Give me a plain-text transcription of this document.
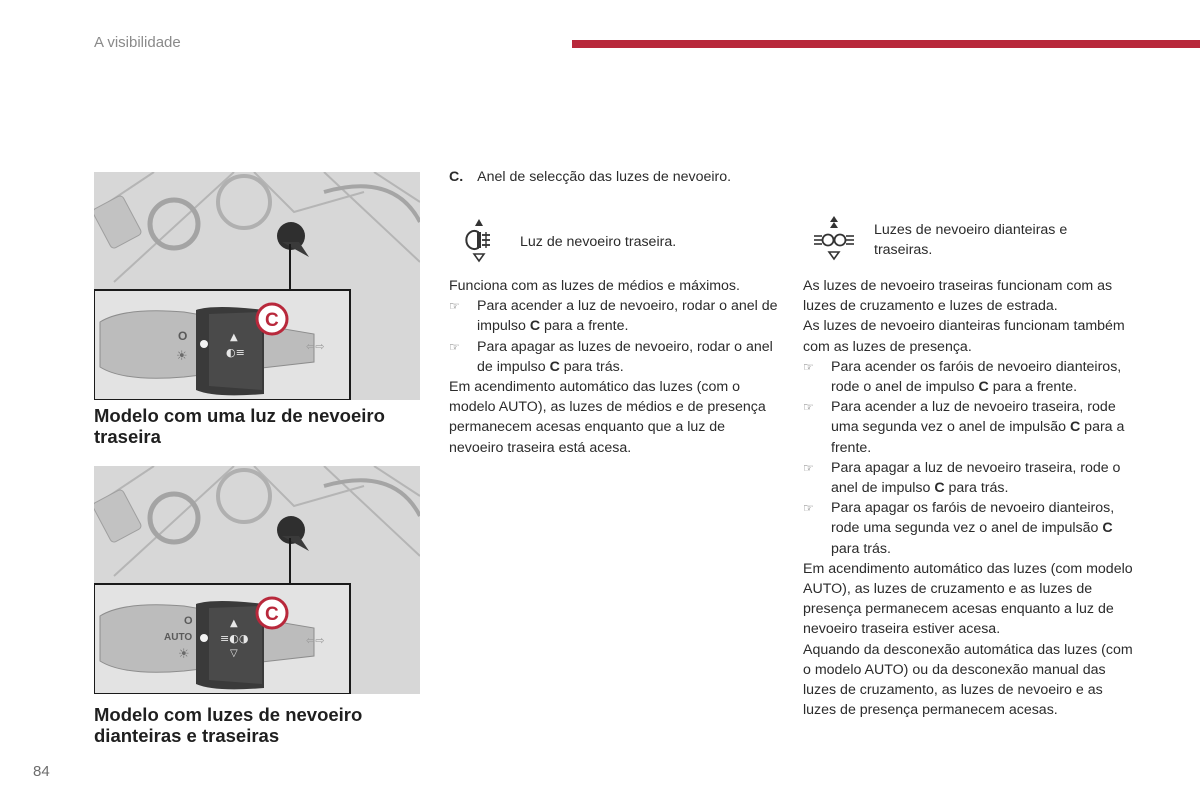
A visibilidade
▲
◐≡	⇦⇨
C
O
☀
Modelo com uma luz de nevoeiro traseira
▲
≡◐◑
▽
⇦⇨
C
O
AUTO
☀
Modelo com luzes de nevoeiro dianteiras e traseiras
C. Anel de selecção das luzes de nevoeiro.
Luz de nevoeiro traseira.
Luzes de nevoeiro dianteiras e traseiras.

Funciona com as luzes de médios e máximos.

☞	Para acender a luz de nevoeiro, rodar o anel de impulso C para a frente.

☞	Para apagar as luzes de nevoeiro, rodar o anel de impulso C para trás.

Em acendimento automático das luzes (com o modelo AUTO), as luzes de médios e de presença permanecem acesas enquanto que a luz de nevoeiro traseira está acesa.

As luzes de nevoeiro traseiras funcionam com as luzes de cruzamento e luzes de estrada.

As luzes de nevoeiro dianteiras funcionam também com as luzes de presença.

☞	Para acender os faróis de nevoeiro dianteiros, rode o anel de impulso C para a frente.

☞	Para acender a luz de nevoeiro traseira, rode uma segunda vez o anel de impulsão C para a frente.

☞	Para apagar a luz de nevoeiro traseira, rode o anel de impulso C para trás.

☞	Para apagar os faróis de nevoeiro dianteiros, rode uma segunda vez o anel de impulsão C para trás.

Em acendimento automático das luzes (com modelo AUTO), as luzes de cruzamento e as luzes de presença permanecem acesas enquanto a luz de nevoeiro traseira estiver acesa.

Aquando da desconexão automática das luzes (com o modelo AUTO) ou da desconexão manual das luzes de cruzamento, as luzes de nevoeiro e as luzes de presença permanecem acesas.

84
